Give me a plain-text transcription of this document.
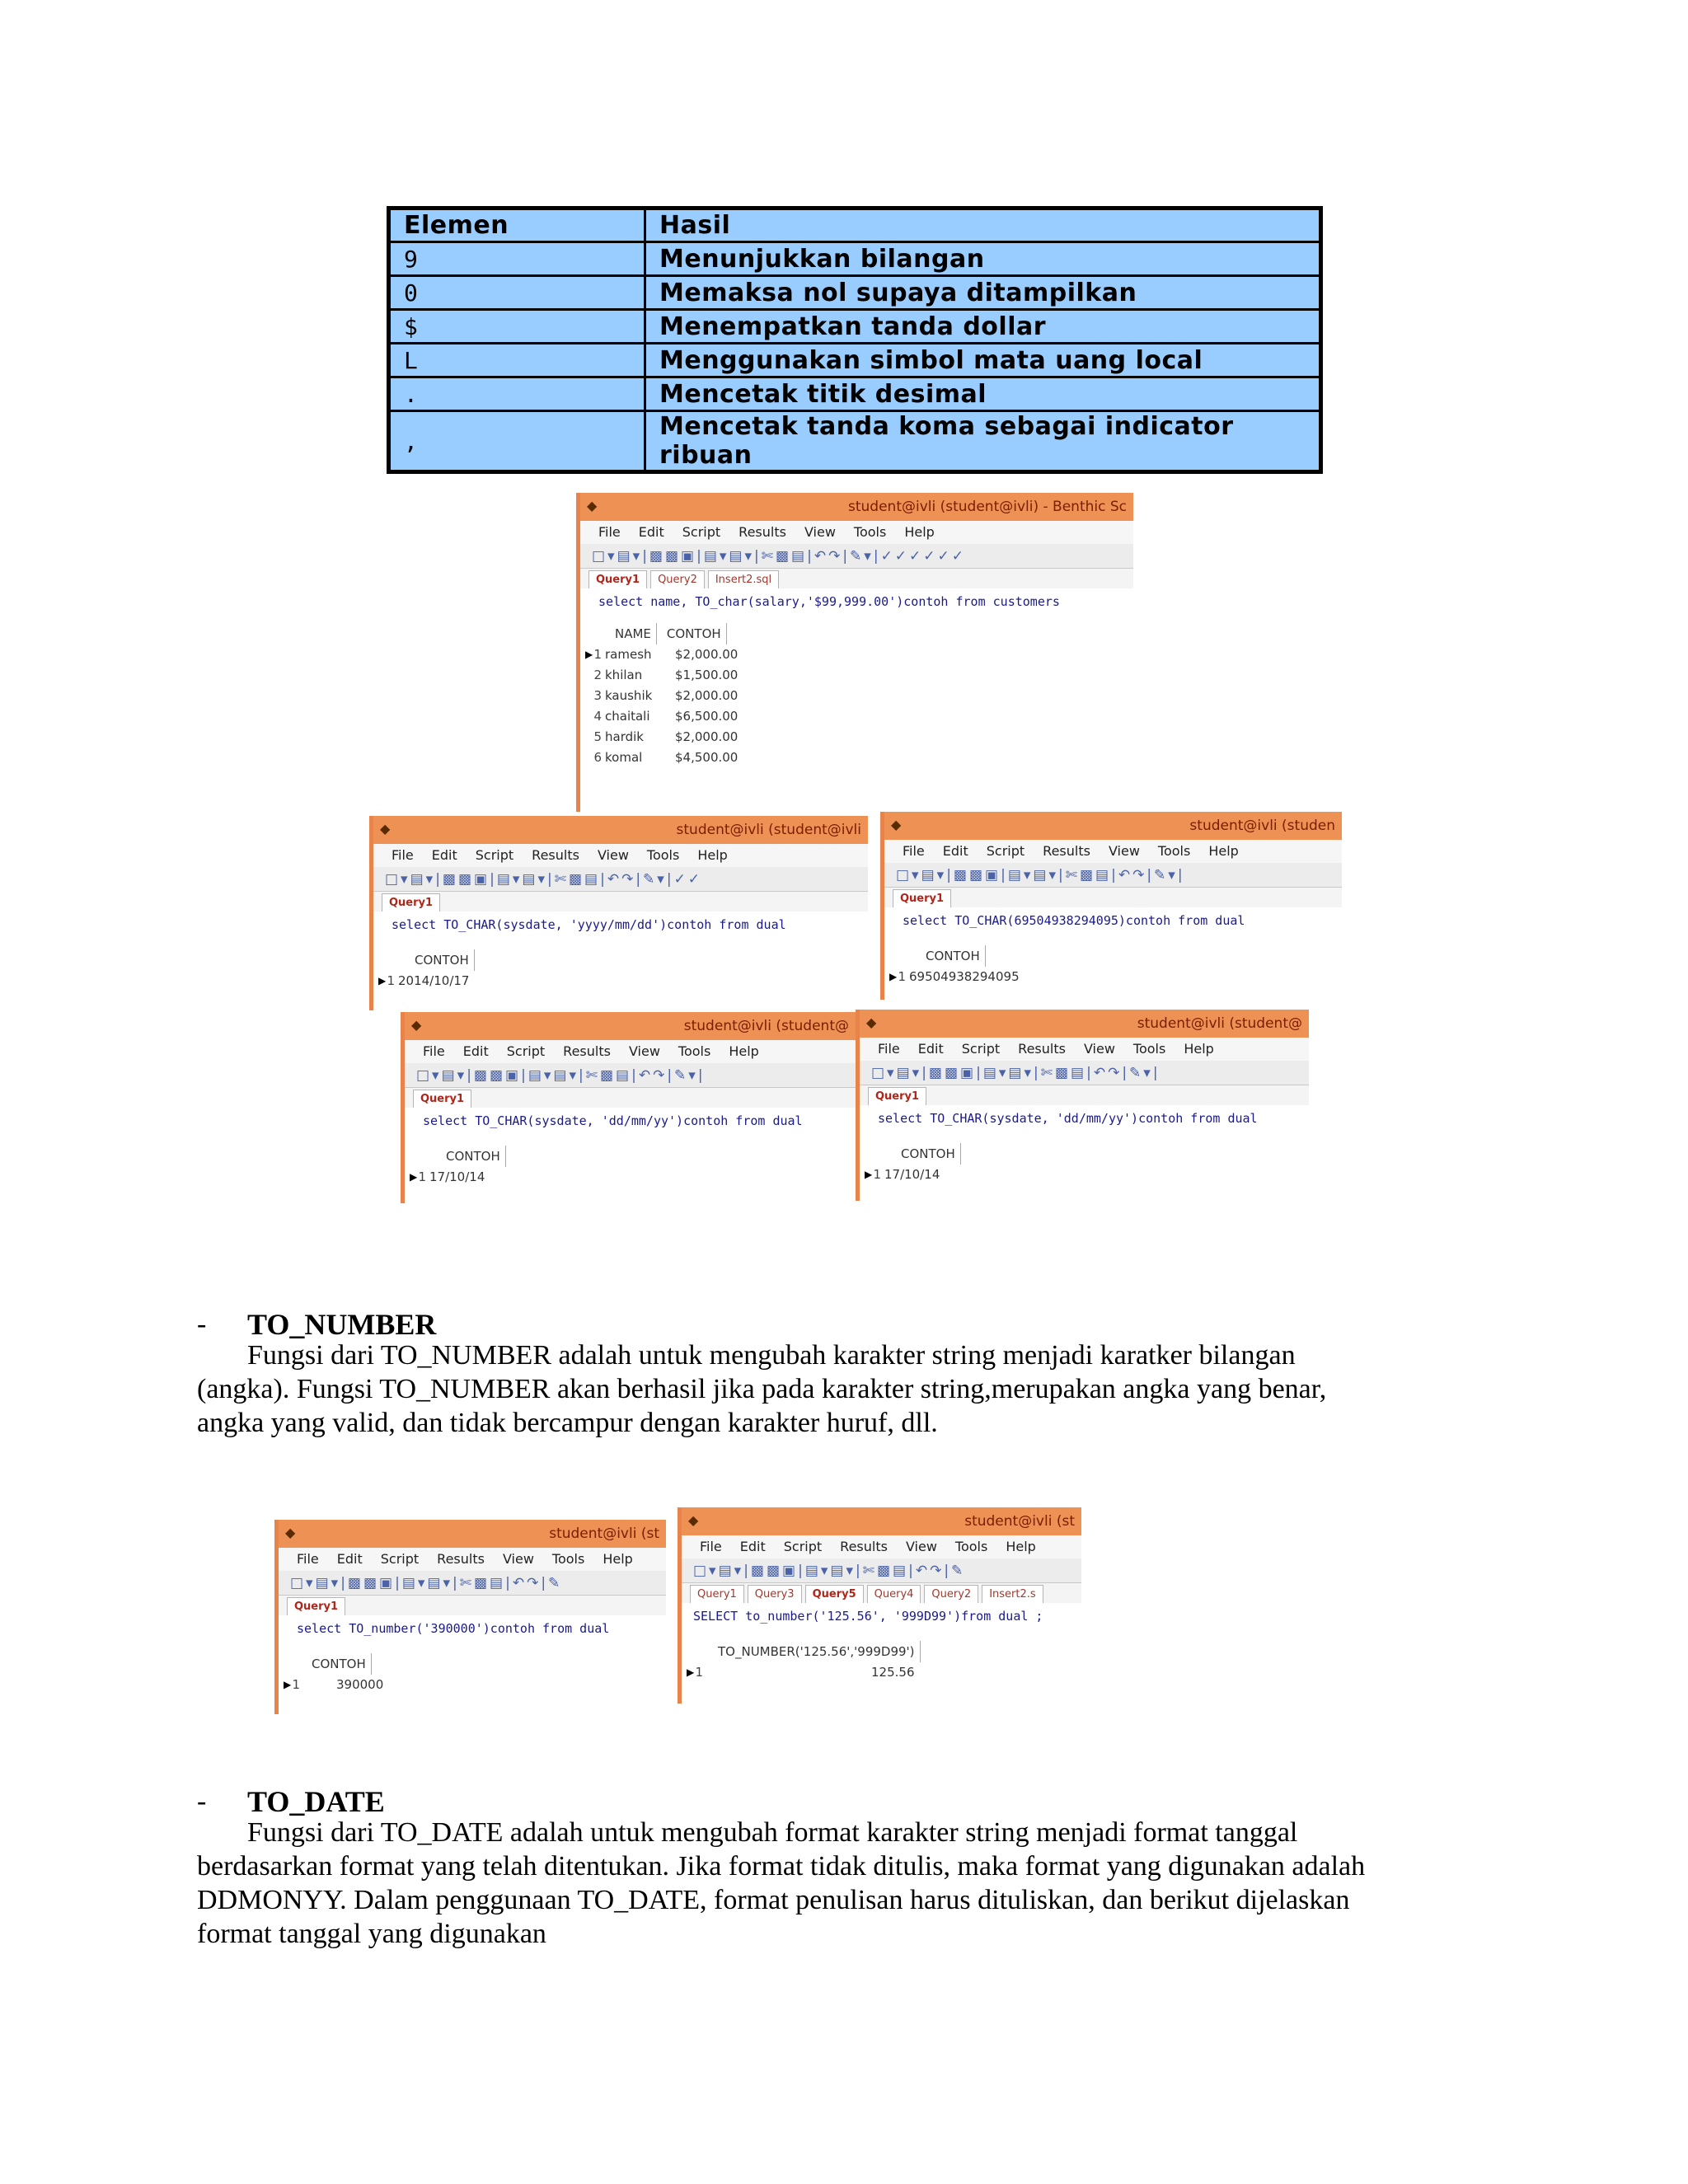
Elemen	Hasil
9	Menunjukkan bilangan
0	Memaksa nol supaya ditampilkan
$	Menempatkan tanda dollar
L	Menggunakan simbol mata uang local
.	Mencetak titik desimal
,	Mencetak tanda koma sebagai indicator ribuan
◆	student@ivli (student@ivli) - Benthic Sc
File Edit Script Results View Tools Help
□▾▤▾|▩▩▣|▤▾▤▾|✄▩▤|↶↷|✎▾|✓✓✓✓✓✓
Query1 Query2 Insert2.sql
select name, TO_char(salary,'$99,999.00')contoh from customers
NAME CONTOH
▶ 1 ramesh $2,000.00
2 khilan	$1,500.00
3 kaushik $2,000.00
4 chaitali $6,500.00
5 hardik	$2,000.00
6 komal	$4,500.00
◆	student@ivli (student@ivli
File Edit Script Results View Tools Help
□▾▤▾|▩▩▣|▤▾▤▾|✄▩▤|↶↷|✎▾|✓✓
Query1
select TO_CHAR(sysdate, 'yyyy/mm/dd')contoh from dual
CONTOH
▶ 1 2014/10/17
◆	student@ivli (studen
File Edit Script Results View Tools Help
□▾▤▾|▩▩▣|▤▾▤▾|✄▩▤|↶↷|✎▾|
Query1
select TO_CHAR(69504938294095)contoh from dual
CONTOH
▶ 1 69504938294095
◆	student@ivli (student@
File Edit Script Results View Tools Help
□▾▤▾|▩▩▣|▤▾▤▾|✄▩▤|↶↷|✎▾|
Query1
select TO_CHAR(sysdate, 'dd/mm/yy')contoh from dual
CONTOH
▶ 1 17/10/14
◆	student@ivli (student@
File Edit Script Results View Tools Help
□▾▤▾|▩▩▣|▤▾▤▾|✄▩▤|↶↷|✎▾|
Query1
select TO_CHAR(sysdate, 'dd/mm/yy')contoh from dual
CONTOH
▶ 1 17/10/14
- TO_NUMBER
Fungsi dari TO_NUMBER adalah untuk mengubah karakter string menjadi karatker bilangan
(angka). Fungsi TO_NUMBER akan berhasil jika pada karakter string,merupakan angka yang benar,
angka yang valid, dan tidak bercampur dengan karakter huruf, dll.
◆	student@ivli (st
File Edit Script Results View Tools Help
□▾▤▾|▩▩▣|▤▾▤▾|✄▩▤|↶↷|✎
Query1
select TO_number('390000')contoh from dual
CONTOH
▶ 1	390000
◆	student@ivli (st
File Edit Script Results View Tools Help
□▾▤▾|▩▩▣|▤▾▤▾|✄▩▤|↶↷|✎
Query1 Query3 Query5 Query4 Query2 Insert2.s
SELECT to_number('125.56', '999D99')from dual ;
TO_NUMBER('125.56','999D99')
▶ 1	125.56
- TO_DATE
Fungsi dari TO_DATE adalah untuk mengubah format karakter string menjadi format tanggal
berdasarkan format yang telah ditentukan. Jika format tidak ditulis, maka format yang digunakan adalah
DDMONYY. Dalam penggunaan TO_DATE, format penulisan harus dituliskan, dan berikut dijelaskan
format tanggal yang digunakan
